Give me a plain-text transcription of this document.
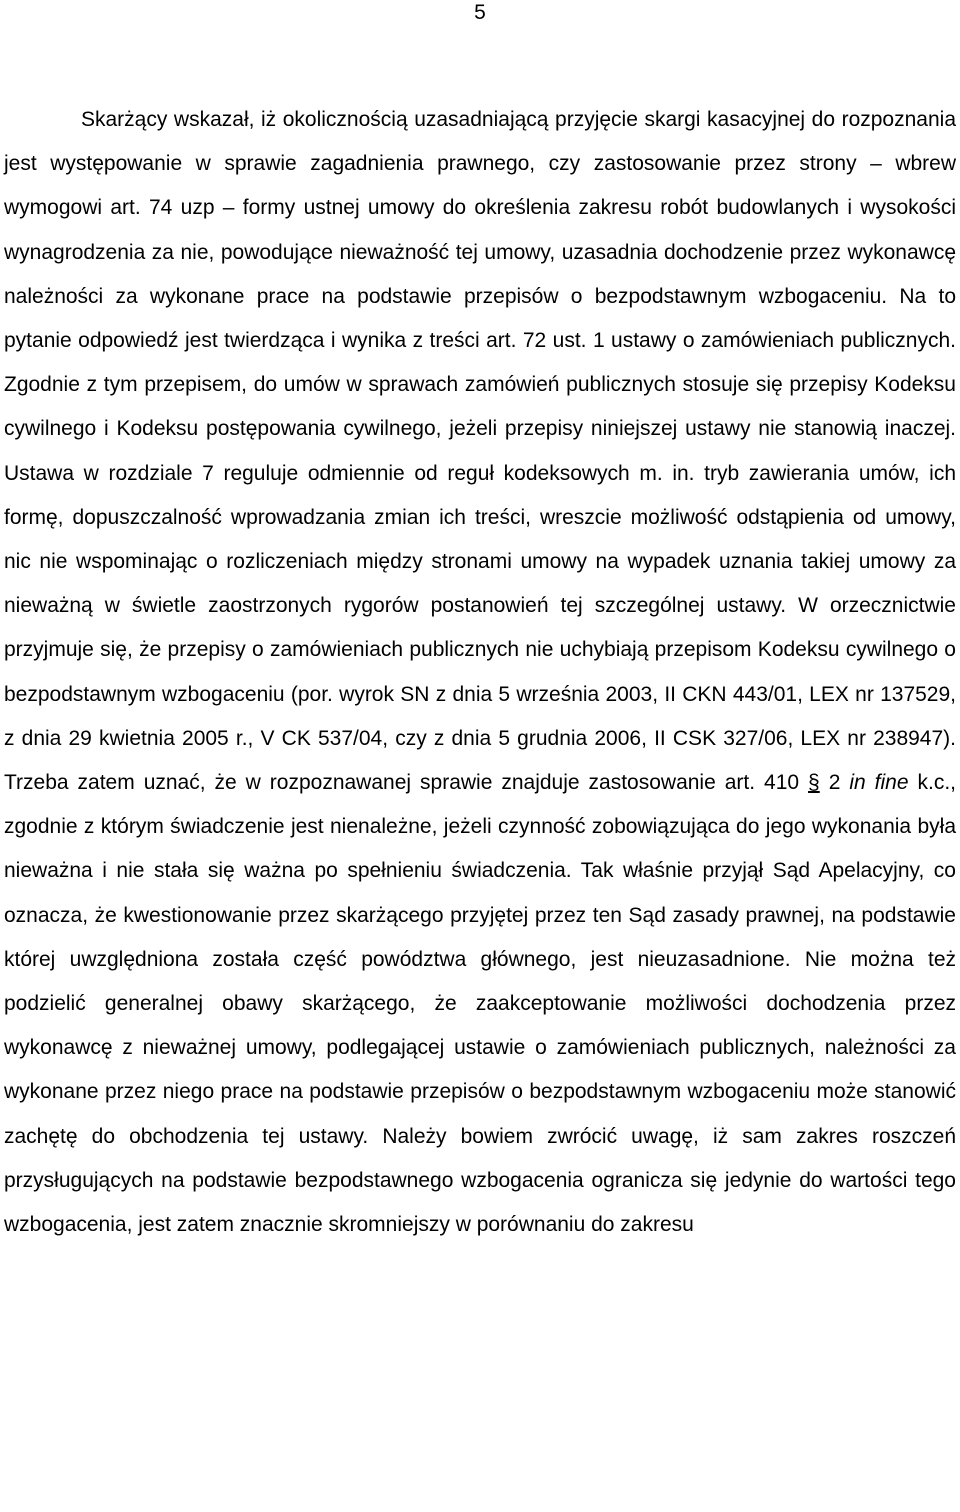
5

Skarżący wskazał, iż okolicznością uzasadniającą przyjęcie skargi kasacyjnej do rozpoznania jest występowanie w sprawie zagadnienia prawnego, czy zastosowanie przez strony – wbrew wymogowi art. 74 uzp – formy ustnej umowy do określenia zakresu robót budowlanych i wysokości wynagrodzenia za nie, powodujące nieważność tej umowy, uzasadnia dochodzenie przez wykonawcę należności za wykonane prace na podstawie przepisów o bezpodstawnym wzbogaceniu. Na to pytanie odpowiedź jest twierdząca i wynika z treści art. 72 ust. 1 ustawy o zamówieniach publicznych. Zgodnie z tym przepisem, do umów w sprawach zamówień publicznych stosuje się przepisy Kodeksu cywilnego i Kodeksu postępowania cywilnego, jeżeli przepisy niniejszej ustawy nie stanowią inaczej. Ustawa w rozdziale 7 reguluje odmiennie od reguł kodeksowych m. in. tryb zawierania umów, ich formę, dopuszczalność wprowadzania zmian ich treści, wreszcie możliwość odstąpienia od umowy, nic nie wspominając o rozliczeniach między stronami umowy na wypadek uznania takiej umowy za nieważną w świetle zaostrzonych rygorów postanowień tej szczególnej ustawy. W orzecznictwie przyjmuje się, że przepisy o zamówieniach publicznych nie uchybiają przepisom Kodeksu cywilnego o bezpodstawnym wzbogaceniu (por. wyrok SN z dnia 5 września 2003, II CKN 443/01, LEX nr 137529, z dnia 29 kwietnia 2005 r., V CK 537/04, czy z dnia 5 grudnia 2006, II CSK 327/06, LEX nr 238947). Trzeba zatem uznać, że w rozpoznawanej sprawie znajduje zastosowanie art. 410 § 2 in fine k.c., zgodnie z którym świadczenie jest nienależne, jeżeli czynność zobowiązująca do jego wykonania była nieważna i nie stała się ważna po spełnieniu świadczenia. Tak właśnie przyjął Sąd Apelacyjny, co oznacza, że kwestionowanie przez skarżącego przyjętej przez ten Sąd zasady prawnej, na podstawie której uwzględniona została część powództwa głównego, jest nieuzasadnione. Nie można też podzielić generalnej obawy skarżącego, że zaakceptowanie możliwości dochodzenia przez wykonawcę z nieważnej umowy, podlegającej ustawie o zamówieniach publicznych, należności za wykonane przez niego prace na podstawie przepisów o bezpodstawnym wzbogaceniu może stanowić zachętę do obchodzenia tej ustawy. Należy bowiem zwrócić uwagę, iż sam zakres roszczeń przysługujących na podstawie bezpodstawnego wzbogacenia ogranicza się jedynie do wartości tego wzbogacenia, jest zatem znacznie skromniejszy w porównaniu do zakresu
